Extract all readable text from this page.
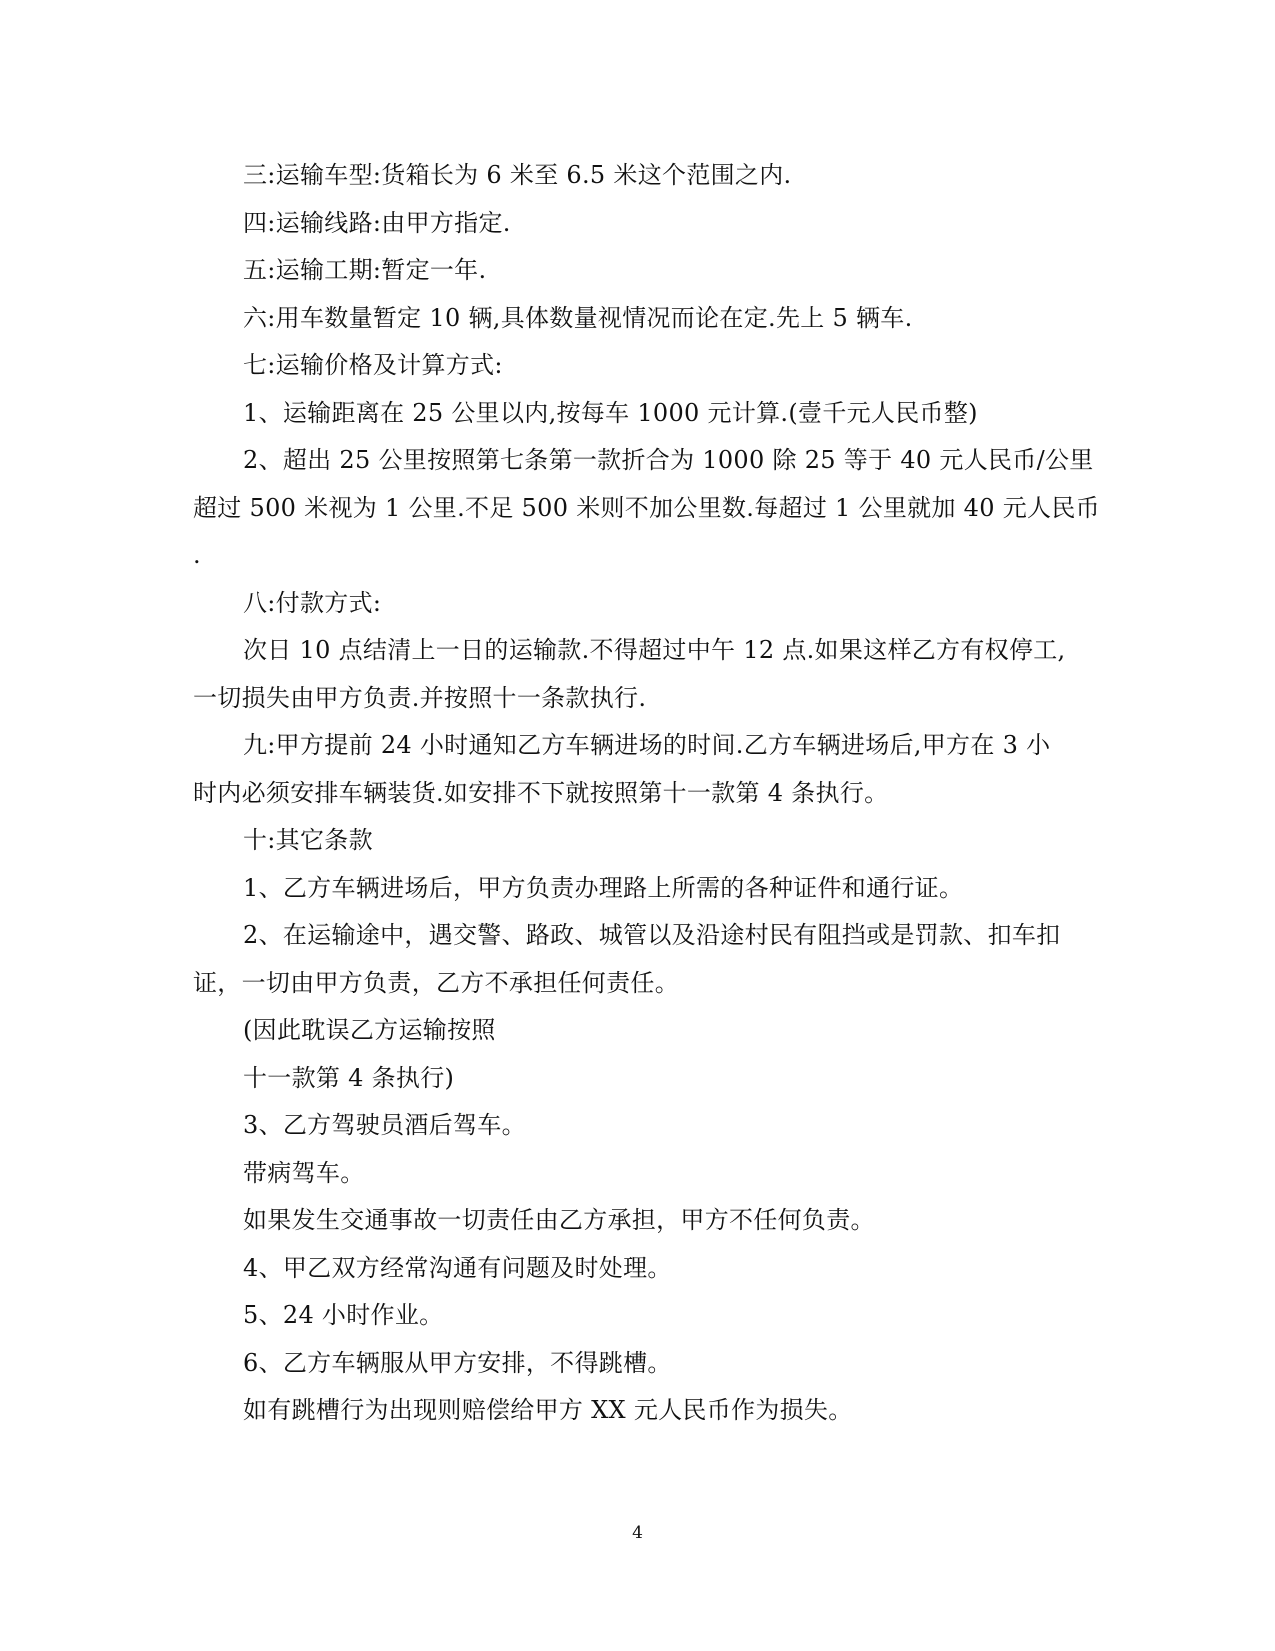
三:运输车型:货箱长为 6 米至 6.5 米这个范围之内.
四:运输线路:由甲方指定.
五:运输工期:暂定一年.
六:用车数量暂定 10 辆,具体数量视情况而论在定.先上 5 辆车.
七:运输价格及计算方式:
1、运输距离在 25 公里以内,按每车 1000 元计算.(壹千元人民币整)
2、超出 25 公里按照第七条第一款折合为 1000 除 25 等于 40 元人民币/公里
超过 500 米视为 1 公里.不足 500 米则不加公里数.每超过 1 公里就加 40 元人民币
.
八:付款方式:
次日 10 点结清上一日的运输款.不得超过中午 12 点.如果这样乙方有权停工,
一切损失由甲方负责.并按照十一条款执行.
九:甲方提前 24 小时通知乙方车辆进场的时间.乙方车辆进场后,甲方在 3 小
时内必须安排车辆装货.如安排不下就按照第十一款第 4 条执行。
十:其它条款
1、乙方车辆进场后，甲方负责办理路上所需的各种证件和通行证。
2、在运输途中，遇交警、路政、城管以及沿途村民有阻挡或是罚款、扣车扣
证，一切由甲方负责，乙方不承担任何责任。
(因此耽误乙方运输按照
十一款第 4 条执行)
3、乙方驾驶员酒后驾车。
带病驾车。
如果发生交通事故一切责任由乙方承担，甲方不任何负责。
4、甲乙双方经常沟通有问题及时处理。
5、24 小时作业。
6、乙方车辆服从甲方安排，不得跳槽。
如有跳槽行为出现则赔偿给甲方 XX 元人民币作为损失。
4
